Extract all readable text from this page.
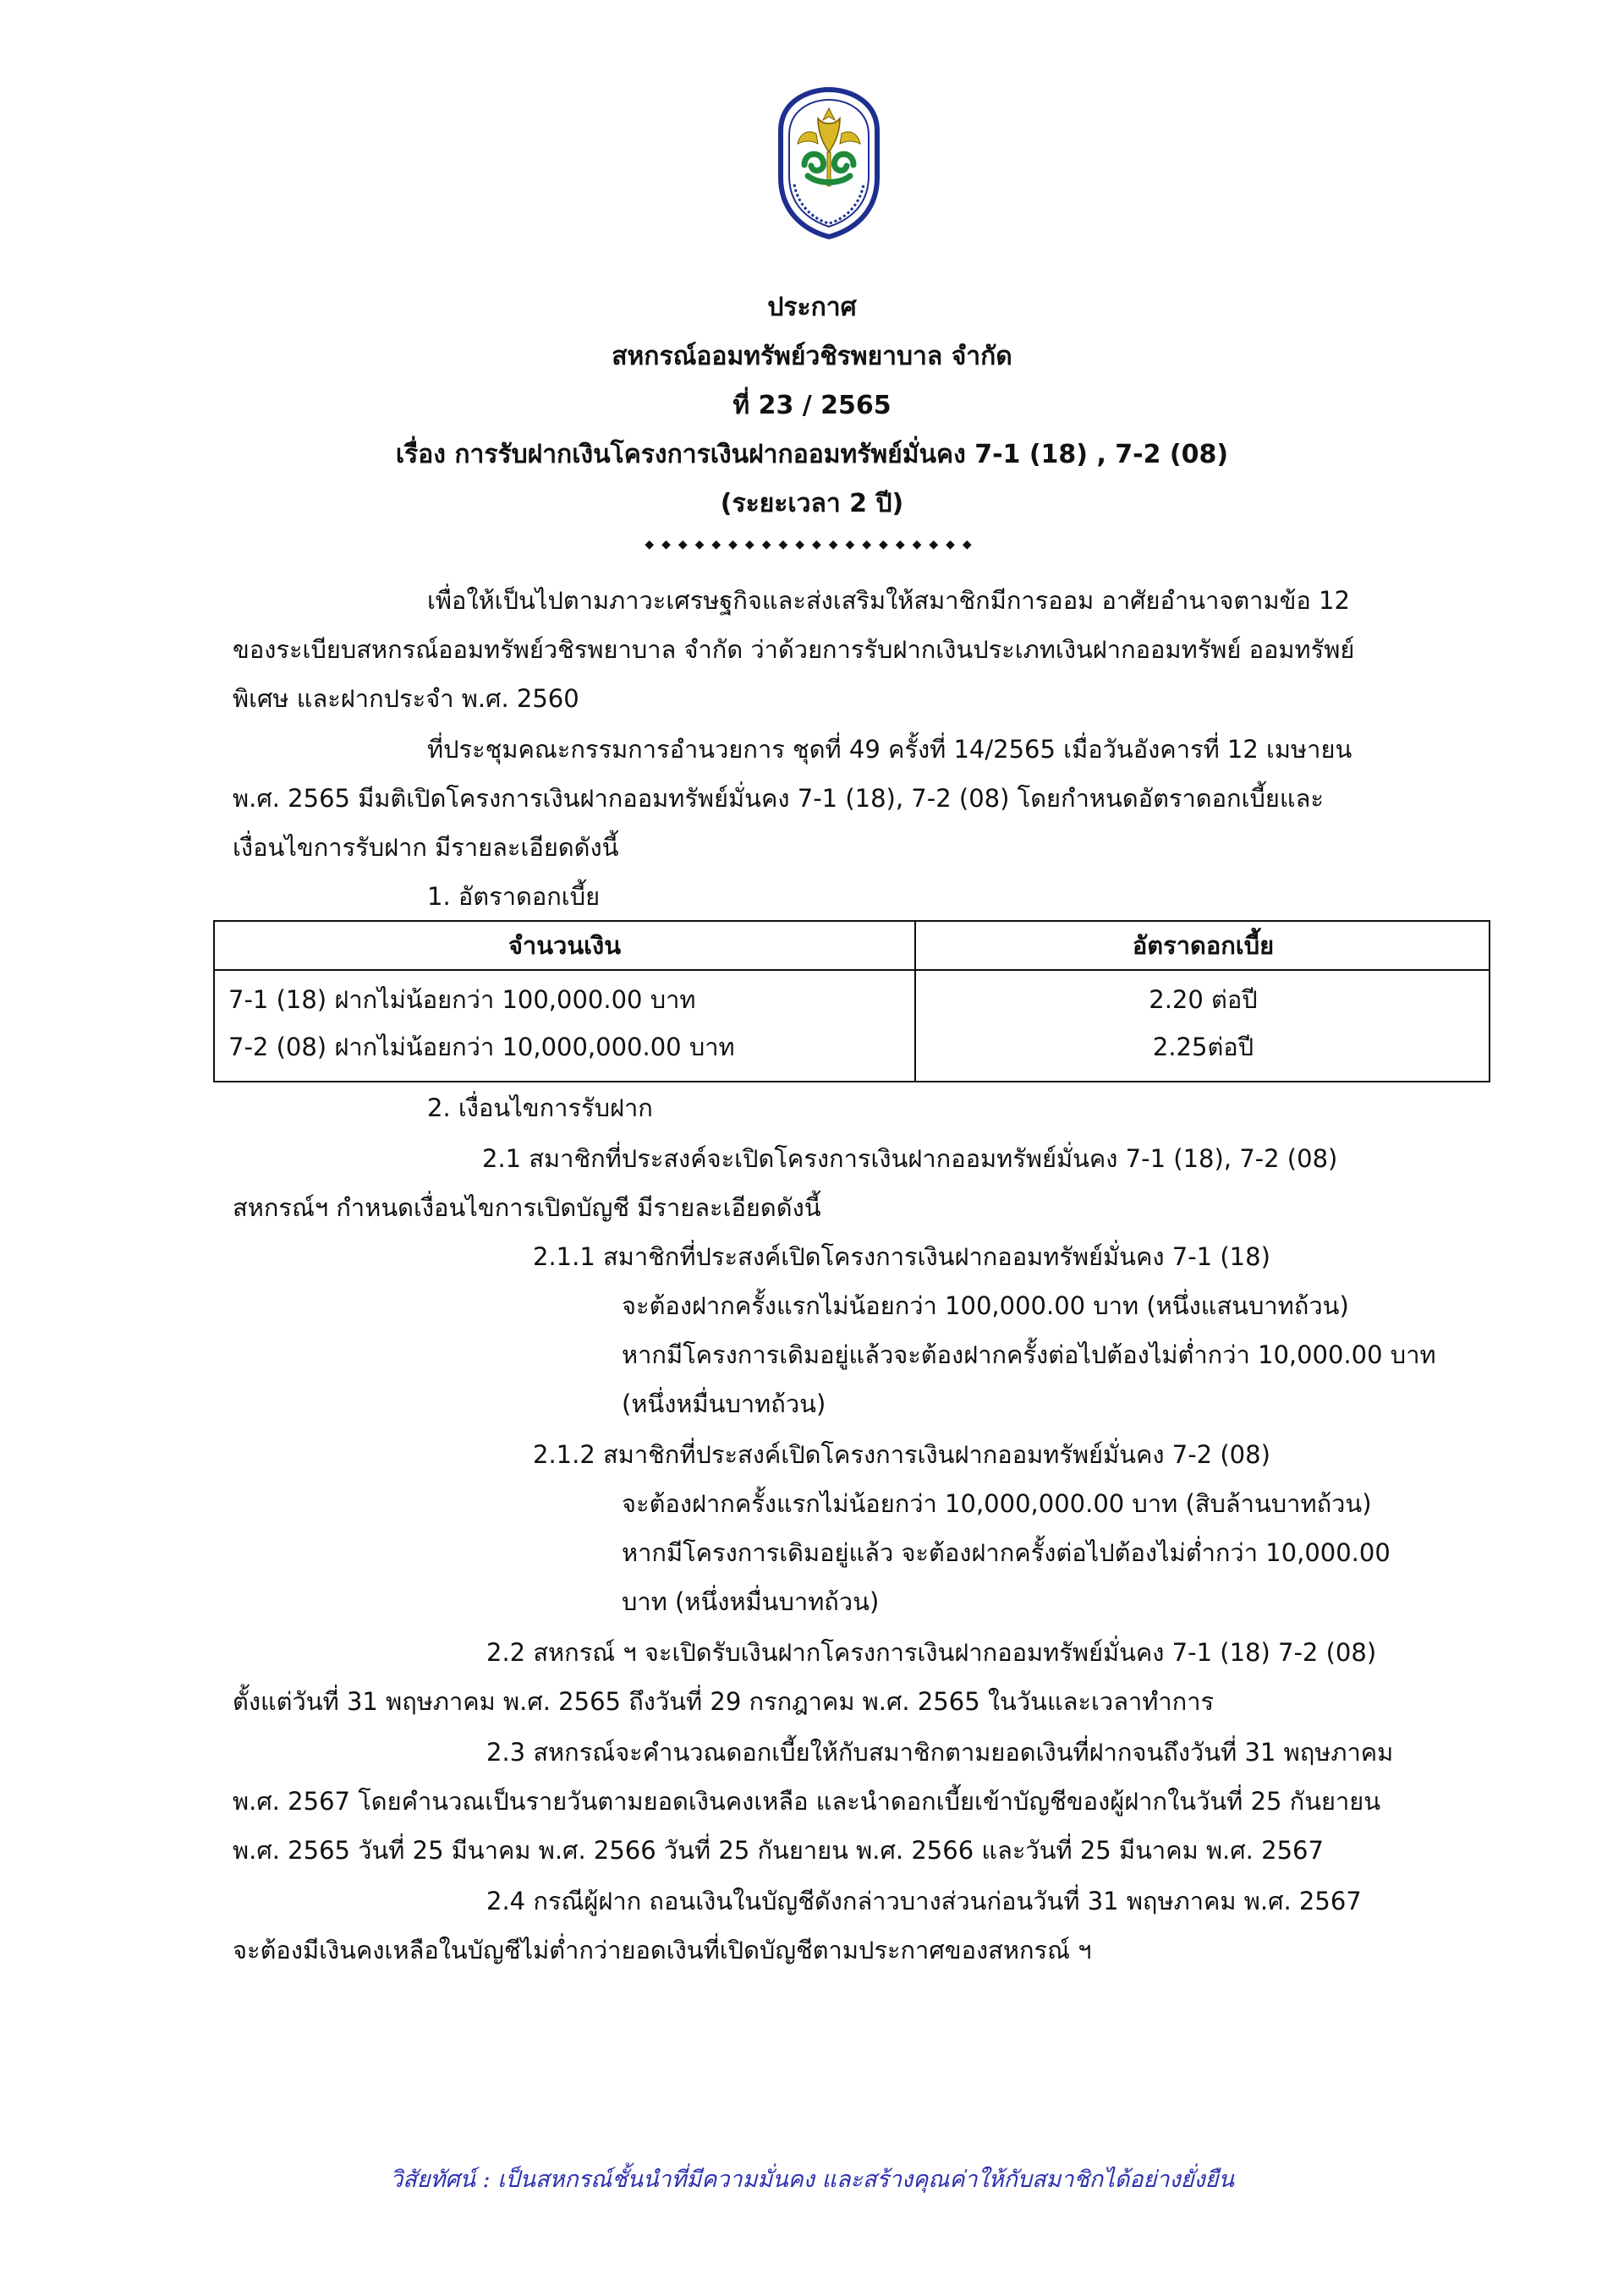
ประกาศ
สหกรณ์ออมทรัพย์วชิรพยาบาล จำกัด
ที่ 23 / 2565
เรื่อง การรับฝากเงินโครงการเงินฝากออมทรัพย์มั่นคง 7-1 (18) , 7-2 (08)
(ระยะเวลา 2 ปี)
◆◆◆◆◆◆◆◆◆◆◆◆◆◆◆◆◆◆◆◆
เพื่อให้เป็นไปตามภาวะเศรษฐกิจและส่งเสริมให้สมาชิกมีการออม อาศัยอำนาจตามข้อ 12
ของระเบียบสหกรณ์ออมทรัพย์วชิรพยาบาล จำกัด ว่าด้วยการรับฝากเงินประเภทเงินฝากออมทรัพย์ ออมทรัพย์
พิเศษ และฝากประจำ พ.ศ. 2560
ที่ประชุมคณะกรรมการอำนวยการ ชุดที่ 49 ครั้งที่ 14/2565 เมื่อวันอังคารที่ 12 เมษายน
พ.ศ. 2565 มีมติเปิดโครงการเงินฝากออมทรัพย์มั่นคง 7-1 (18), 7-2 (08) โดยกำหนดอัตราดอกเบี้ยและ
เงื่อนไขการรับฝาก มีรายละเอียดดังนี้
1. อัตราดอกเบี้ย
จำนวนเงิน	อัตราดอกเบี้ย
7-1 (18) ฝากไม่น้อยกว่า 100,000.00 บาท	2.20 ต่อปี
7-2 (08) ฝากไม่น้อยกว่า 10,000,000.00 บาท	2.25ต่อปี
2. เงื่อนไขการรับฝาก
2.1 สมาชิกที่ประสงค์จะเปิดโครงการเงินฝากออมทรัพย์มั่นคง 7-1 (18), 7-2 (08)
สหกรณ์ฯ กำหนดเงื่อนไขการเปิดบัญชี มีรายละเอียดดังนี้
2.1.1 สมาชิกที่ประสงค์เปิดโครงการเงินฝากออมทรัพย์มั่นคง 7-1 (18)
จะต้องฝากครั้งแรกไม่น้อยกว่า 100,000.00 บาท (หนึ่งแสนบาทถ้วน)
หากมีโครงการเดิมอยู่แล้วจะต้องฝากครั้งต่อไปต้องไม่ต่ำกว่า 10,000.00 บาท
(หนึ่งหมื่นบาทถ้วน)
2.1.2 สมาชิกที่ประสงค์เปิดโครงการเงินฝากออมทรัพย์มั่นคง 7-2 (08)
จะต้องฝากครั้งแรกไม่น้อยกว่า 10,000,000.00 บาท (สิบล้านบาทถ้วน)
หากมีโครงการเดิมอยู่แล้ว จะต้องฝากครั้งต่อไปต้องไม่ต่ำกว่า 10,000.00
บาท (หนึ่งหมื่นบาทถ้วน)
2.2 สหกรณ์ ฯ จะเปิดรับเงินฝากโครงการเงินฝากออมทรัพย์มั่นคง 7-1 (18) 7-2 (08)
ตั้งแต่วันที่ 31 พฤษภาคม พ.ศ. 2565 ถึงวันที่ 29 กรกฎาคม พ.ศ. 2565 ในวันและเวลาทำการ
2.3 สหกรณ์จะคำนวณดอกเบี้ยให้กับสมาชิกตามยอดเงินที่ฝากจนถึงวันที่ 31 พฤษภาคม
พ.ศ. 2567 โดยคำนวณเป็นรายวันตามยอดเงินคงเหลือ และนำดอกเบี้ยเข้าบัญชีของผู้ฝากในวันที่ 25 กันยายน
พ.ศ. 2565 วันที่ 25 มีนาคม พ.ศ. 2566 วันที่ 25 กันยายน พ.ศ. 2566 และวันที่ 25 มีนาคม พ.ศ. 2567
2.4 กรณีผู้ฝาก ถอนเงินในบัญชีดังกล่าวบางส่วนก่อนวันที่ 31 พฤษภาคม พ.ศ. 2567
จะต้องมีเงินคงเหลือในบัญชีไม่ต่ำกว่ายอดเงินที่เปิดบัญชีตามประกาศของสหกรณ์ ฯ
วิสัยทัศน์ : เป็นสหกรณ์ชั้นนำที่มีความมั่นคง และสร้างคุณค่าให้กับสมาชิกได้อย่างยั่งยืน
